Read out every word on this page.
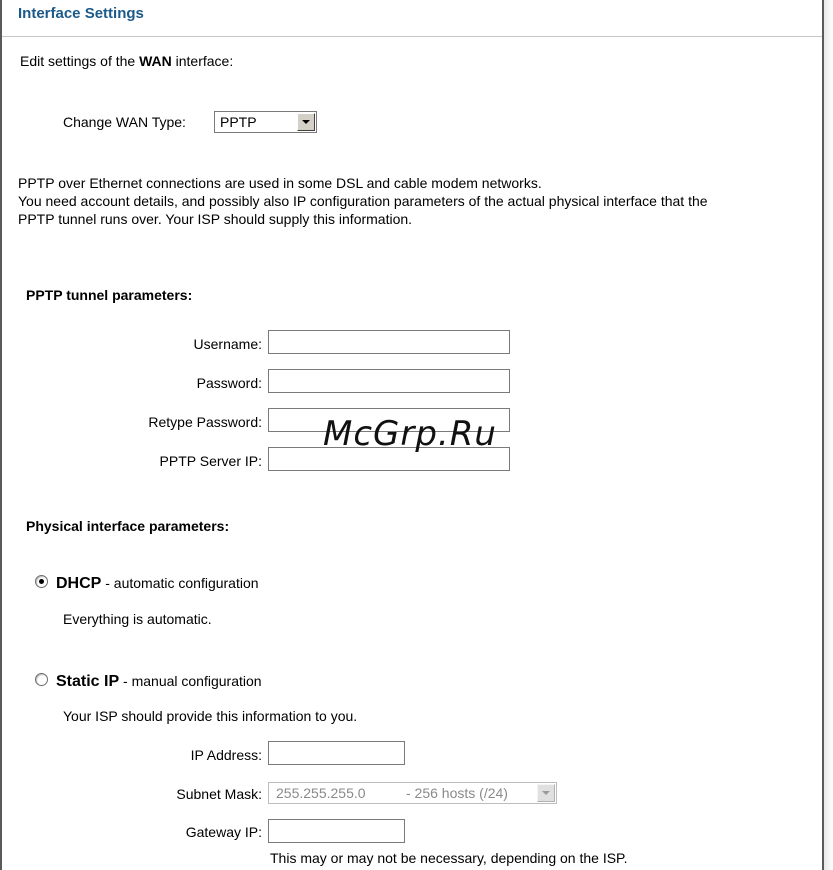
Interface Settings
Edit settings of the WAN interface:
Change WAN Type: PPTP
PPTP over Ethernet connections are used in some DSL and cable modem networks.
You need account details, and possibly also IP configuration parameters of the actual physical interface that the
PPTP tunnel runs over. Your ISP should supply this information.
PPTP tunnel parameters:
Username:
Password:
Retype Password:
PPTP Server IP:
McGrp.Ru
Physical interface parameters:
DHCP - automatic configuration
Everything is automatic.
Static IP - manual configuration
Your ISP should provide this information to you.
IP Address:
Subnet Mask: 255.255.255.0	- 256 hosts (/24)
Gateway IP:
This may or may not be necessary, depending on the ISP.
